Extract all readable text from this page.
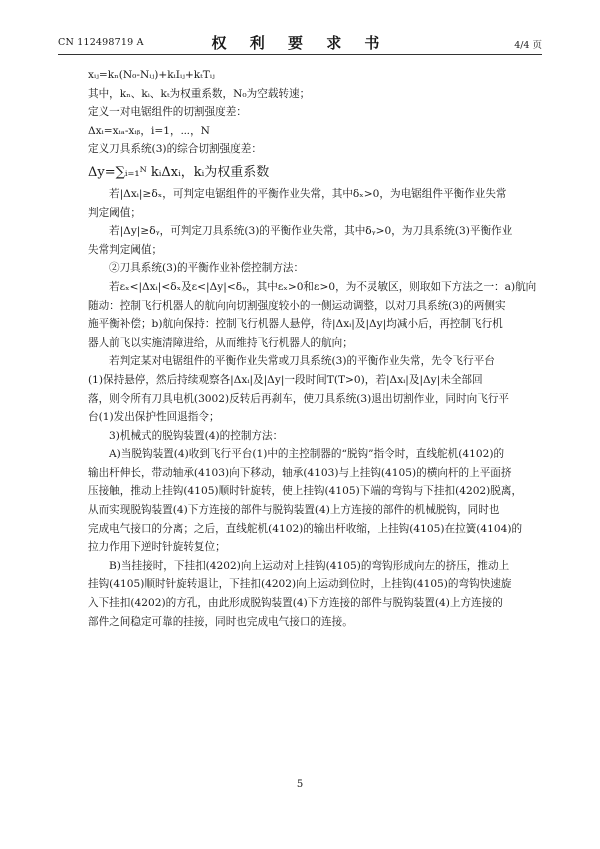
CN 112498719 A	权 利 要 求 书	4/4 页
xᵢⱼ=kₙ(N₀-Nᵢⱼ)+kᵢIᵢⱼ+kₜTᵢⱼ
其中，kₙ、kᵢ、kₜ为权重系数，N₀为空载转速；
定义一对电锯组件的切割强度差：
Δxᵢ=xᵢₐ-xᵢᵦ，i=1，⋯，N
定义刀具系统(3)的综合切割强度差：
Δy=∑ᵢ₌₁ᴺ kᵢΔxᵢ，kᵢ为权重系数
若|Δxᵢ|≥δₓ，可判定电锯组件的平衡作业失常，其中δₓ>0，为电锯组件平衡作业失常
判定阈值；
若|Δy|≥δᵧ，可判定刀具系统(3)的平衡作业失常，其中δᵧ>0，为刀具系统(3)平衡作业
失常判定阈值；
②刀具系统(3)的平衡作业补偿控制方法：
若εₓ<|Δxᵢ|<δₓ及ε<|Δy|<δᵧ，其中εₓ>0和ε>0，为不灵敏区，则取如下方法之一：a)航向
随动：控制飞行机器人的航向向切割强度较小的一侧运动调整，以对刀具系统(3)的两侧实
施平衡补偿；b)航向保持：控制飞行机器人悬停，待|Δxᵢ|及|Δy|均减小后，再控制飞行机
器人前飞以实施清障进给，从而维持飞行机器人的航向；
若判定某对电锯组件的平衡作业失常或刀具系统(3)的平衡作业失常，先令飞行平台
(1)保持悬停，然后持续观察各|Δxᵢ|及|Δy|一段时间T(T>0)，若|Δxᵢ|及|Δy|未全部回
落，则令所有刀具电机(3002)反转后再刹车，使刀具系统(3)退出切割作业，同时向飞行平
台(1)发出保护性回退指令；
3)机械式的脱钩装置(4)的控制方法：
A)当脱钩装置(4)收到飞行平台(1)中的主控制器的“脱钩”指令时，直线舵机(4102)的
输出杆伸长，带动轴承(4103)向下移动，轴承(4103)与上挂钩(4105)的横向杆的上平面挤
压接触，推动上挂钩(4105)顺时针旋转，使上挂钩(4105)下端的弯钩与下挂扣(4202)脱离，
从而实现脱钩装置(4)下方连接的部件与脱钩装置(4)上方连接的部件的机械脱钩，同时也
完成电气接口的分离；之后，直线舵机(4102)的输出杆收缩，上挂钩(4105)在拉簧(4104)的
拉力作用下逆时针旋转复位；
B)当挂接时，下挂扣(4202)向上运动对上挂钩(4105)的弯钩形成向左的挤压，推动上
挂钩(4105)顺时针旋转退让，下挂扣(4202)向上运动到位时，上挂钩(4105)的弯钩快速旋
入下挂扣(4202)的方孔，由此形成脱钩装置(4)下方连接的部件与脱钩装置(4)上方连接的
部件之间稳定可靠的挂接，同时也完成电气接口的连接。
5
